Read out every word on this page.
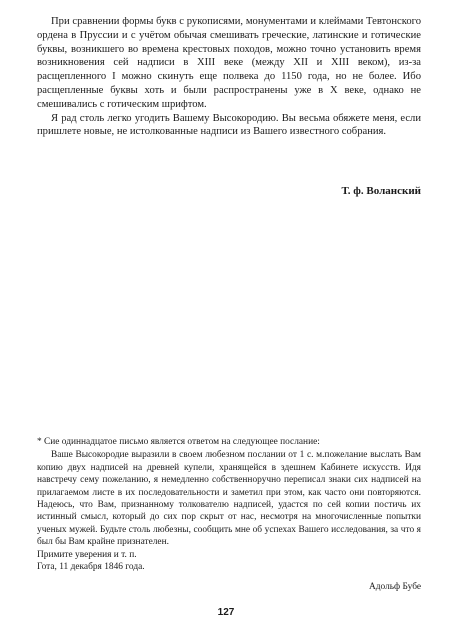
При сравнении формы букв с рукописями, монументами и клеймами Тевтонского ордена в Пруссии и с учётом обычая смешивать греческие, латинские и готические буквы, возникшего во времена крестовых походов, можно точно установить время возникновения сей надписи в XIII веке (между XII и XIII веком), из-за расщепленного I можно скинуть еще полвека до 1150 года, но не более. Ибо расщепленные буквы хоть и были распространены уже в X веке, однако не смешивались с готическим шрифтом.

Я рад столь легко угодить Вашему Высокородию. Вы весьма обяжете меня, если пришлете новые, не истолкованные надписи из Вашего известного собрания.

Т. ф. Воланский

* Сие одиннадцатое письмо является ответом на следующее послание:

Ваше Высокородие выразили в своем любезном послании от 1 с. м.пожелание выслать Вам копию двух надписей на древней купели, хранящейся в здешнем Кабинете искусств. Идя навстречу сему пожеланию, я немедленно собственноручно переписал знаки сих надписей на прилагаемом листе в их последовательности и заметил при этом, как часто они повторяются. Надеюсь, что Вам, признанному толкователю надписей, удастся по сей копии постичь их истинный смысл, который до сих пор скрыт от нас, несмотря на многочисленные попытки ученых мужей. Будьте столь любезны, сообщить мне об успехах Вашего исследования, за что я был бы Вам крайне признателен.

Примите уверения и т. п.

Гота, 11 декабря 1846 года.

Адольф Бубе
127
